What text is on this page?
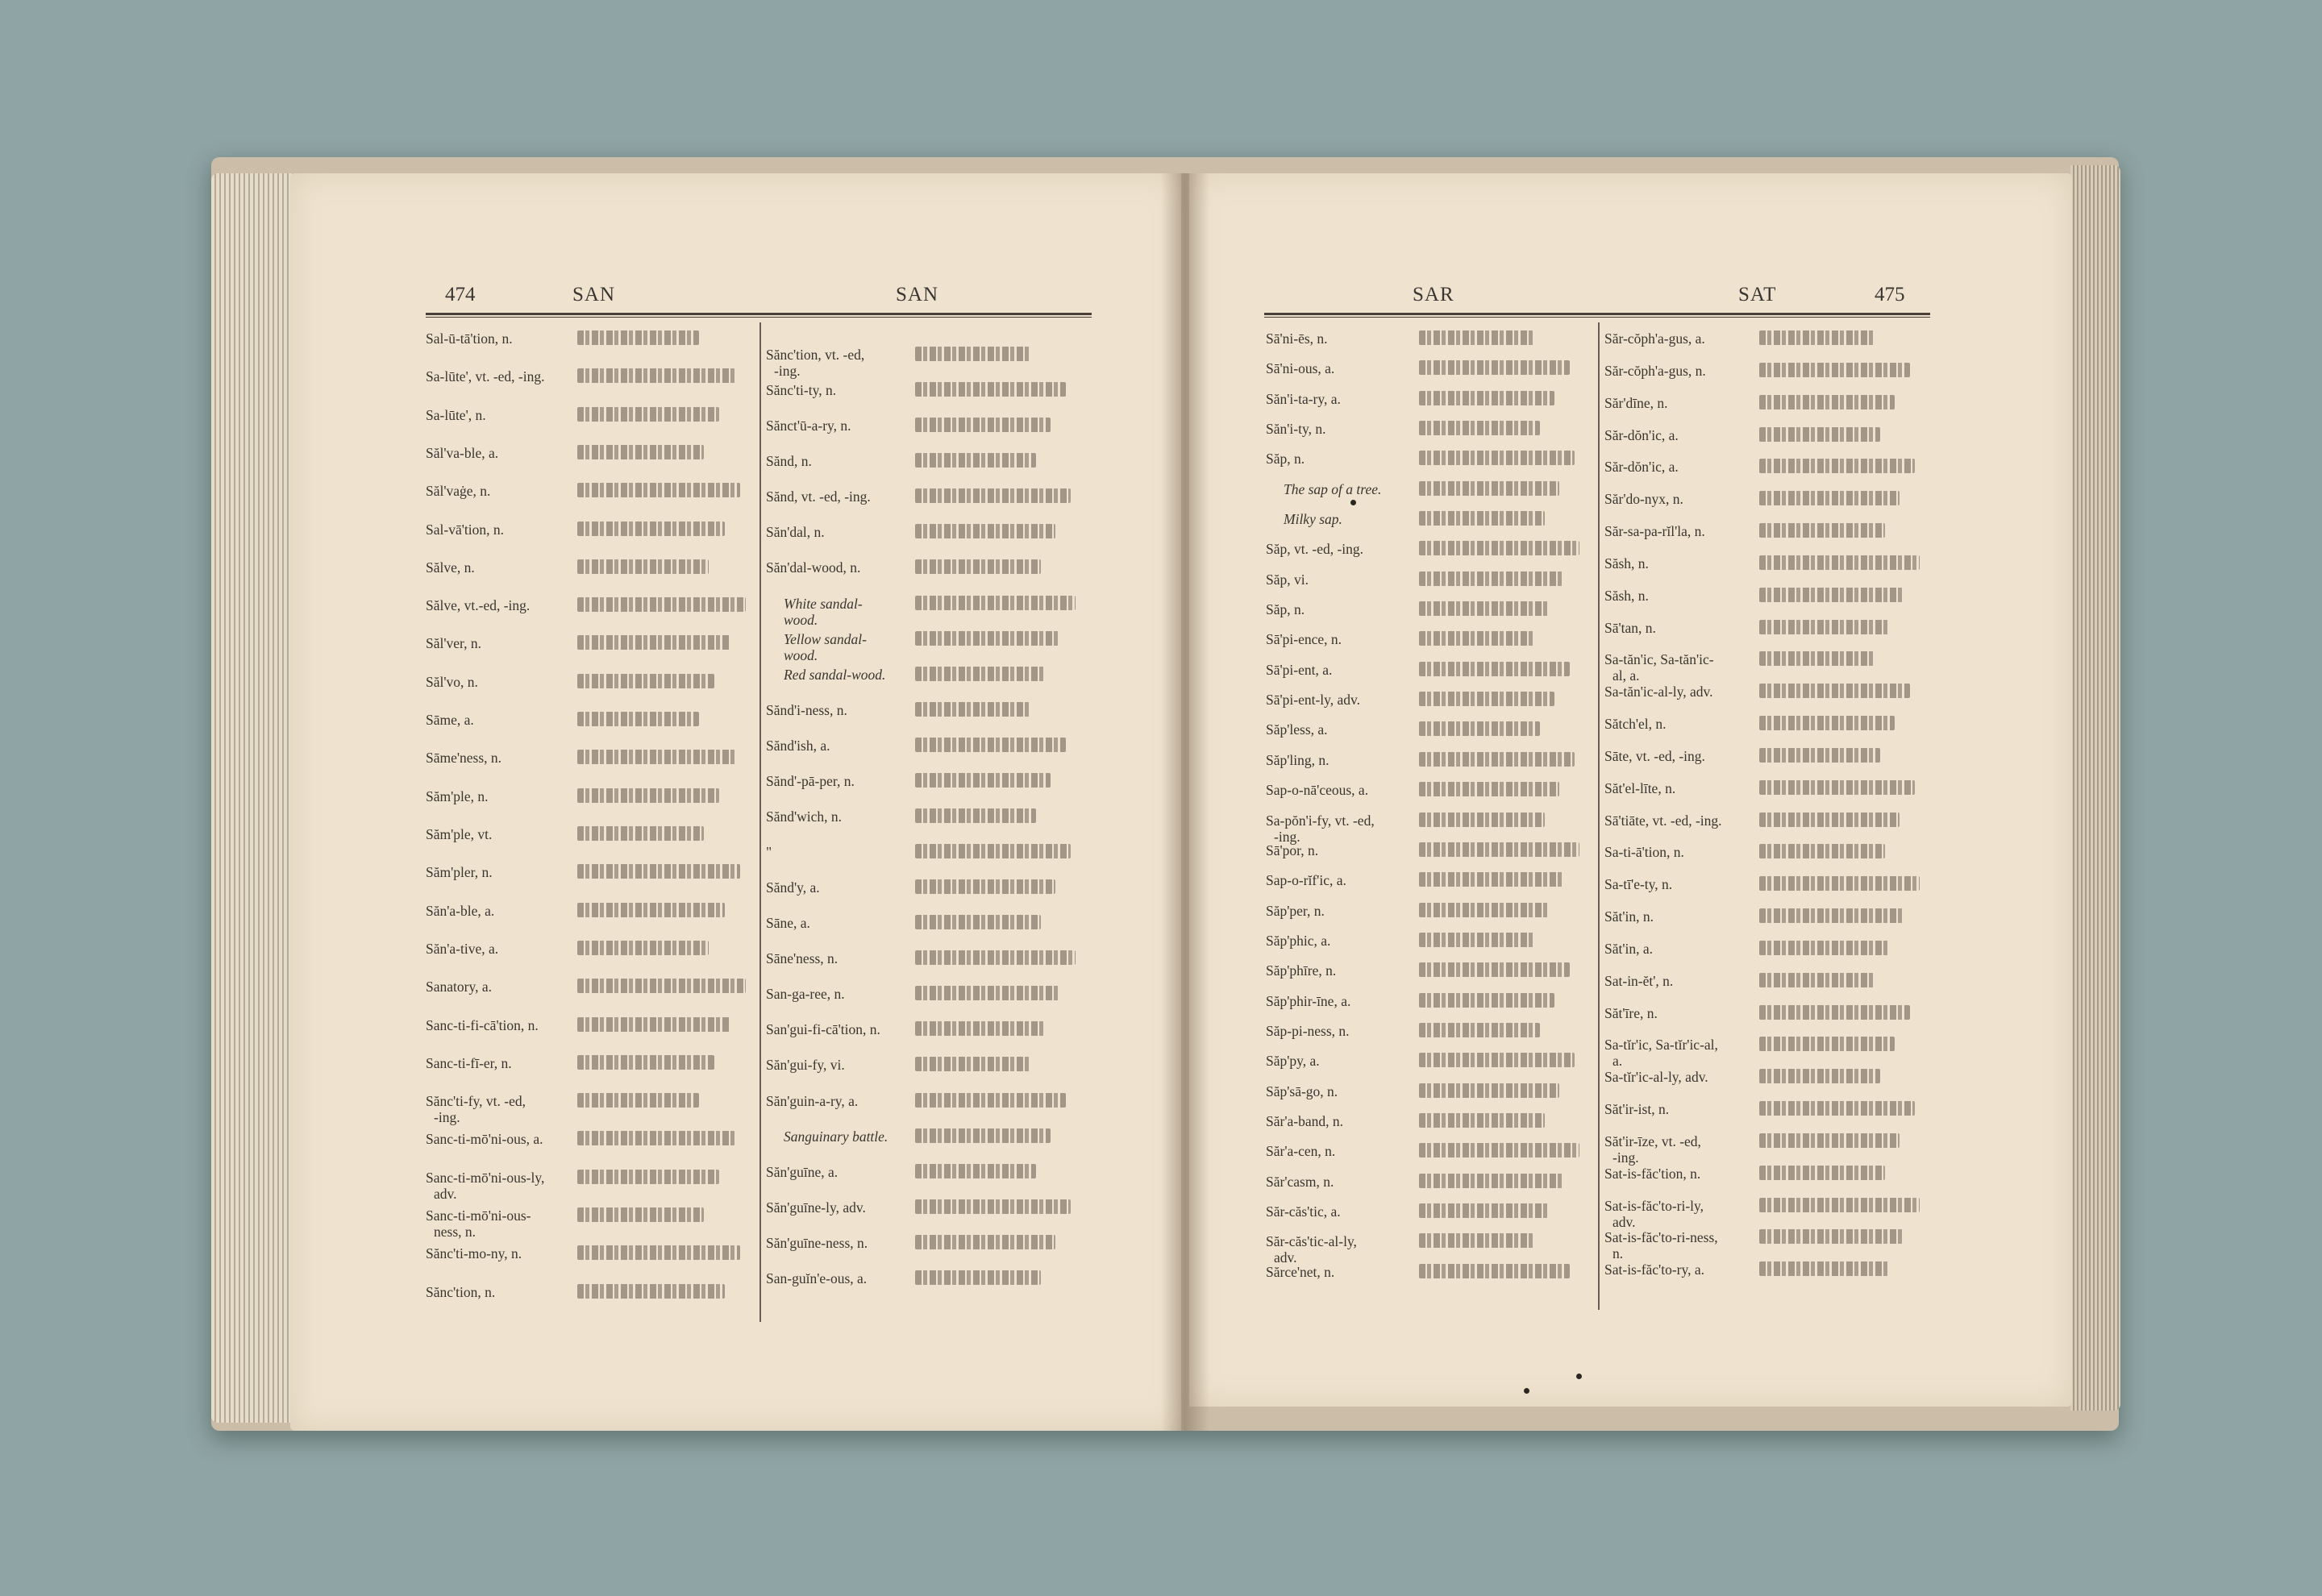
474	SAN	SAN	SAR	SAT	475
Sal-ū-tā'tion, n.
Sa-lūte', vt. -ed, -ing.
Sa-lūte', n.
Săl'va-ble, a.
Săl'vaġe, n.
Sal-vā'tion, n.
Sălve, n.
Sălve, vt.-ed, -ing.
Săl'ver, n.
Săl'vo, n.
Sāme, a.
Sāme'ness, n.
Săm'ple, n.
Săm'ple, vt.
Săm'pler, n.
Săn'a-ble, a.
Săn'a-tive, a.
Sanatory, a.
Sanc-ti-fi-cā'tion, n.
Sanc-ti-fī-er, n.
Sănc'ti-fy, vt. -ed,
-ing.
Sanc-ti-mō'ni-ous, a.
Sanc-ti-mō'ni-ous-ly,
adv.
Sanc-ti-mō'ni-ous-
ness, n.
Sănc'ti-mo-ny, n.
Sănc'tion, n.
Sănc'tion, vt. -ed,
-ing.
Sănc'ti-ty, n.
Sănct'ū-a-ry, n.
Sănd, n.
Sănd, vt. -ed, -ing.
Săn'dal, n.
Săn'dal-wood, n.
White sandal-
wood.
Yellow sandal-
wood.
Red sandal-wood.
Sănd'i-ness, n.
Sănd'ish, a.
Sănd'-pā-per, n.
Sănd'wich, n.
"
Sănd'y, a.
Sāne, a.
Sāne'ness, n.
San-ga-ree, n.
San'gui-fi-cā'tion, n.
Săn'gui-fy, vi.
Săn'guin-a-ry, a.
Sanguinary battle.
Săn'guīne, a.
Săn'guīne-ly, adv.
Săn'guīne-ness, n.
San-guĭn'e-ous, a.
Sā'ni-ēs, n.
Sā'ni-ous, a.
Săn'i-ta-ry, a.
Săn'i-ty, n.
Săp, n.
The sap of a tree.
Milky sap.
Săp, vt. -ed, -ing.
Săp, vi.
Săp, n.
Sā'pi-ence, n.
Sā'pi-ent, a.
Sā'pi-ent-ly, adv.
Săp'less, a.
Săp'ling, n.
Sap-o-nā'ceous, a.
Sa-pŏn'i-fy, vt. -ed,
-ing.
Sā'por, n.
Sap-o-rĭf'ic, a.
Săp'per, n.
Săp'phic, a.
Săp'phīre, n.
Săp'phir-īne, a.
Săp-pi-ness, n.
Săp'py, a.
Săp'sā-go, n.
Săr'a-band, n.
Săr'a-cen, n.
Săr'casm, n.
Săr-căs'tic, a.
Săr-căs'tic-al-ly,
adv.
Sărce'net, n.
Săr-cŏph'a-gus, a.
Săr-cŏph'a-gus, n.
Săr'dīne, n.
Săr-dŏn'ic, a.
Săr-dŏn'ic, a.
Săr'do-nyx, n.
Săr-sa-pa-rĭl'la, n.
Săsh, n.
Săsh, n.
Sā'tan, n.
Sa-tăn'ic, Sa-tăn'ic-
al, a.
Sa-tăn'ic-al-ly, adv.
Sătch'el, n.
Sāte, vt. -ed, -ing.
Săt'el-līte, n.
Sā'tiāte, vt. -ed, -ing.
Sa-ti-ā'tion, n.
Sa-tī'e-ty, n.
Săt'in, n.
Săt'in, a.
Sat-in-ĕt', n.
Săt'īre, n.
Sa-tĭr'ic, Sa-tĭr'ic-al,
a.
Sa-tĭr'ic-al-ly, adv.
Săt'ir-ist, n.
Săt'ir-īze, vt. -ed,
-ing.
Sat-is-făc'tion, n.
Sat-is-făc'to-ri-ly,
adv.
Sat-is-făc'to-ri-ness,
n.
Sat-is-făc'to-ry, a.
